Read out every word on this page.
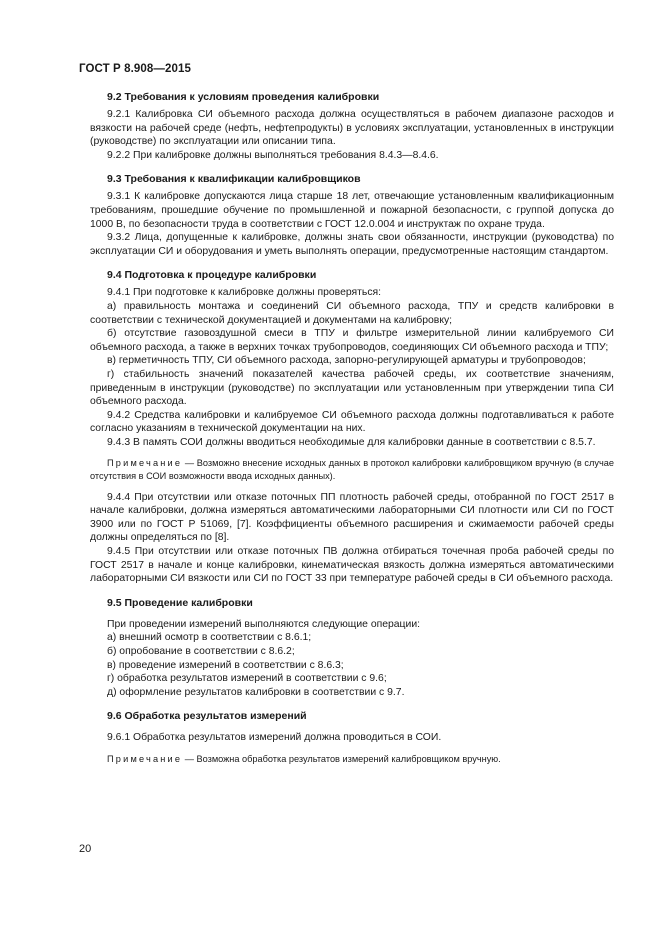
ГОСТ Р 8.908—2015

9.2 Требования к условиям проведения калибровки

9.2.1 Калибровка СИ объемного расхода должна осуществляться в рабочем диапазоне расходов и вязкости на рабочей среде (нефть, нефтепродукты) в условиях эксплуатации, установленных в инструкции (руководстве) по эксплуатации или описании типа.

9.2.2 При калибровке должны выполняться требования 8.4.3—8.4.6.

9.3 Требования к квалификации калибровщиков

9.3.1 К калибровке допускаются лица старше 18 лет, отвечающие установленным квалификационным требованиям, прошедшие обучение по промышленной и пожарной безопасности, с группой допуска до 1000 В, по безопасности труда в соответствии с ГОСТ 12.0.004 и инструктаж по охране труда.

9.3.2 Лица, допущенные к калибровке, должны знать свои обязанности, инструкции (руководства) по эксплуатации СИ и оборудования и уметь выполнять операции, предусмотренные настоящим стандартом.

9.4 Подготовка к процедуре калибровки

9.4.1 При подготовке к калибровке должны проверяться:

а) правильность монтажа и соединений СИ объемного расхода, ТПУ и средств калибровки в соответствии с технической документацией и документами на калибровку;

б) отсутствие газовоздушной смеси в ТПУ и фильтре измерительной линии калибруемого СИ объемного расхода, а также в верхних точках трубопроводов, соединяющих СИ объемного расхода и ТПУ;

в) герметичность ТПУ, СИ объемного расхода, запорно-регулирующей арматуры и трубопроводов;

г) стабильность значений показателей качества рабочей среды, их соответствие значениям, приведенным в инструкции (руководстве) по эксплуатации или установленным при утверждении типа СИ объемного расхода.

9.4.2 Средства калибровки и калибруемое СИ объемного расхода должны подготавливаться к работе согласно указаниям в технической документации на них.

9.4.3 В память СОИ должны вводиться необходимые для калибровки данные в соответствии с 8.5.7.

Примечание — Возможно внесение исходных данных в протокол калибровки калибровщиком вручную (в случае отсутствия в СОИ возможности ввода исходных данных).

9.4.4 При отсутствии или отказе поточных ПП плотность рабочей среды, отобранной по ГОСТ 2517 в начале калибровки, должна измеряться автоматическими лабораторными СИ плотности или СИ по ГОСТ 3900 или по ГОСТ Р 51069, [7]. Коэффициенты объемного расширения и сжимаемости рабочей среды должны определяться по [8].

9.4.5 При отсутствии или отказе поточных ПВ должна отбираться точечная проба рабочей среды по ГОСТ 2517 в начале и конце калибровки, кинематическая вязкость должна измеряться автоматическими лабораторными СИ вязкости или СИ по ГОСТ 33 при температуре рабочей среды в СИ объемного расхода.

9.5 Проведение калибровки

При проведении измерений выполняются следующие операции:

а) внешний осмотр в соответствии с 8.6.1;

б) опробование в соответствии с 8.6.2;

в) проведение измерений в соответствии с 8.6.3;

г) обработка результатов измерений в соответствии с 9.6;

д) оформление результатов калибровки в соответствии с 9.7.

9.6 Обработка результатов измерений

9.6.1 Обработка результатов измерений должна проводиться в СОИ.

Примечание — Возможна обработка результатов измерений калибровщиком вручную.

20
